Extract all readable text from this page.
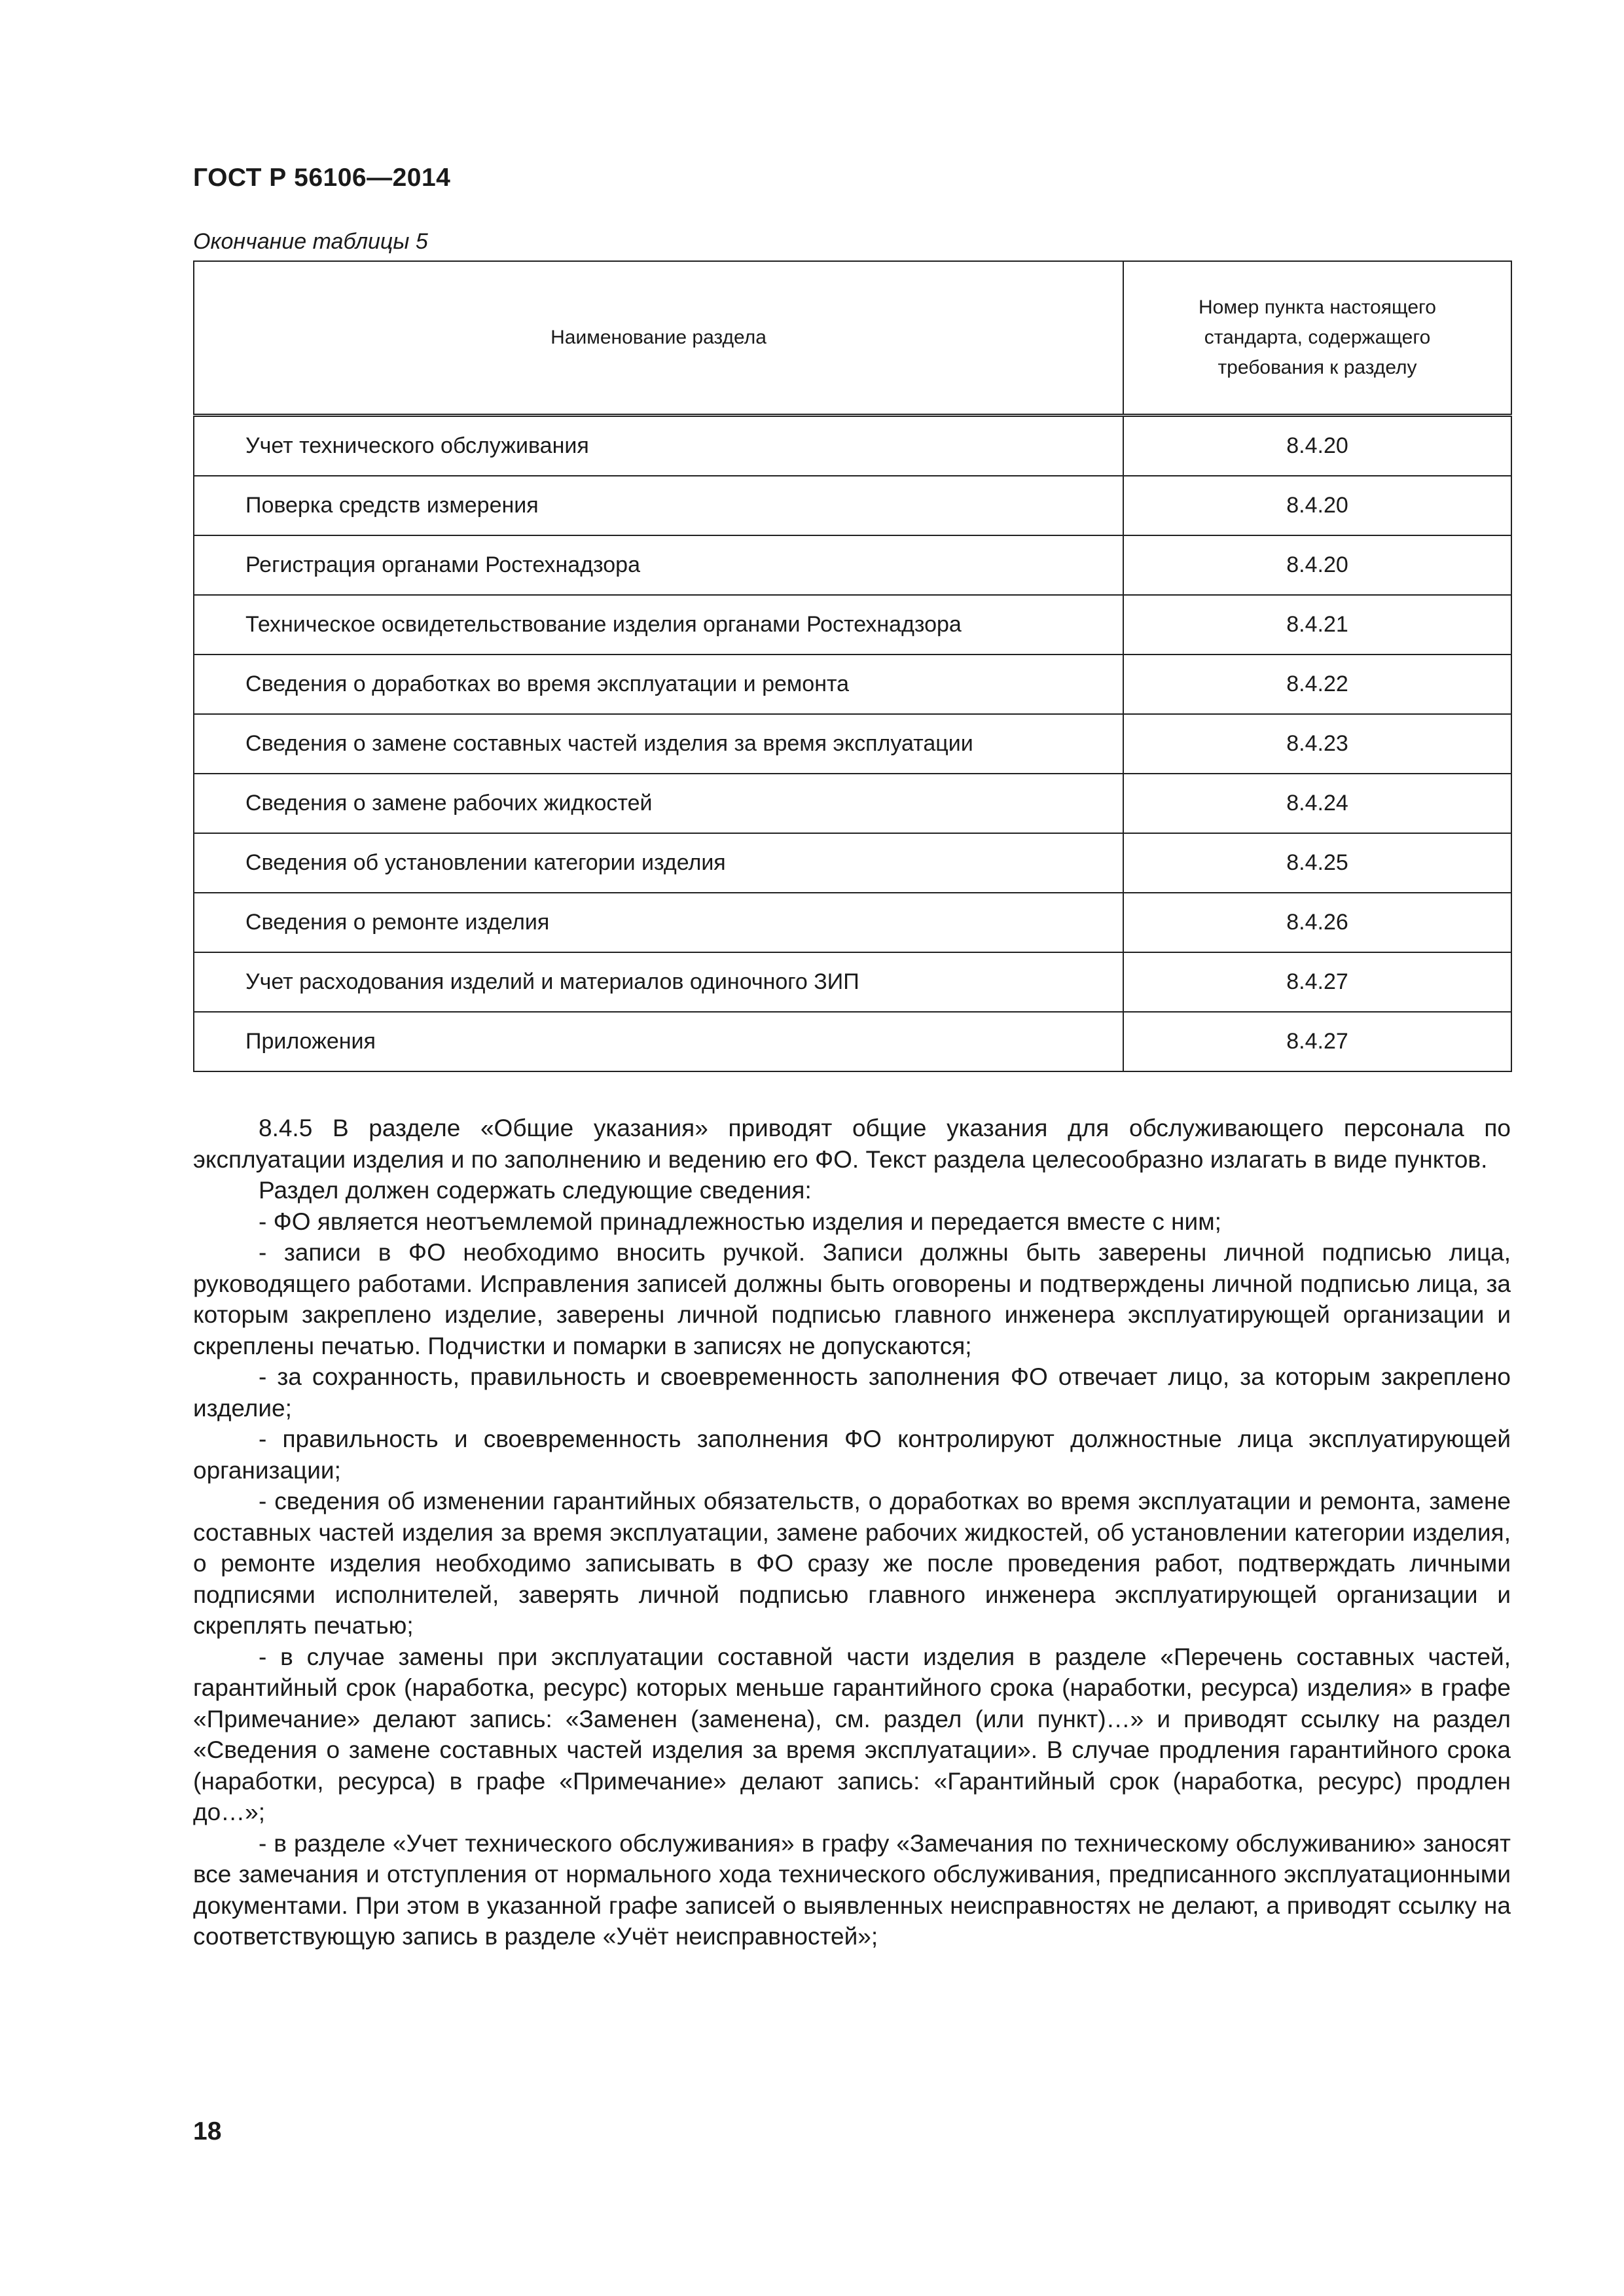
ГОСТ Р 56106—2014
Окончание таблицы 5
Наименование раздела	Номер пункта настоящего стандарта, содержащего требования к разделу
Учет технического обслуживания	8.4.20
Поверка средств измерения	8.4.20
Регистрация органами Ростехнадзора	8.4.20
Техническое освидетельствование изделия органами Ростехнадзора	8.4.21
Сведения о доработках во время эксплуатации и ремонта	8.4.22
Сведения о замене составных частей изделия за время эксплуатации	8.4.23
Сведения о замене рабочих жидкостей	8.4.24
Сведения об установлении категории изделия	8.4.25
Сведения о ремонте изделия	8.4.26
Учет расходования изделий и материалов одиночного ЗИП	8.4.27
Приложения	8.4.27

8.4.5 В разделе «Общие указания» приводят общие указания для обслуживающего персонала по эксплуатации изделия и по заполнению и ведению его ФО. Текст раздела целесообразно излагать в виде пунктов.

Раздел должен содержать следующие сведения:

- ФО является неотъемлемой принадлежностью изделия и передается вместе с ним;

- записи в ФО необходимо вносить ручкой. Записи должны быть заверены личной подписью лица, руководящего работами. Исправления записей должны быть оговорены и подтверждены личной подписью лица, за которым закреплено изделие, заверены личной подписью главного инженера эксплуатирующей организации и скреплены печатью. Подчистки и помарки в записях не допускаются;

- за сохранность, правильность и своевременность заполнения ФО отвечает лицо, за которым закреплено изделие;

- правильность и своевременность заполнения ФО контролируют должностные лица эксплуатирующей организации;

- сведения об изменении гарантийных обязательств, о доработках во время эксплуатации и ремонта, замене составных частей изделия за время эксплуатации, замене рабочих жидкостей, об установлении категории изделия, о ремонте изделия необходимо записывать в ФО сразу же после проведения работ, подтверждать личными подписями исполнителей, заверять личной подписью главного инженера эксплуатирующей организации и скреплять печатью;

- в случае замены при эксплуатации составной части изделия в разделе «Перечень составных частей, гарантийный срок (наработка, ресурс) которых меньше гарантийного срока (наработки, ресурса) изделия» в графе «Примечание» делают запись: «Заменен (заменена), см. раздел (или пункт)…» и приводят ссылку на раздел «Сведения о замене составных частей изделия за время эксплуатации». В случае продления гарантийного срока (наработки, ресурса) в графе «Примечание» делают запись: «Гарантийный срок (наработка, ресурс) продлен до…»;

- в разделе «Учет технического обслуживания» в графу «Замечания по техническому обслуживанию» заносят все замечания и отступления от нормального хода технического обслуживания, предписанного эксплуатационными документами. При этом в указанной графе записей о выявленных неисправностях не делают, а приводят ссылку на соответствующую запись в разделе «Учёт неисправностей»;

18
